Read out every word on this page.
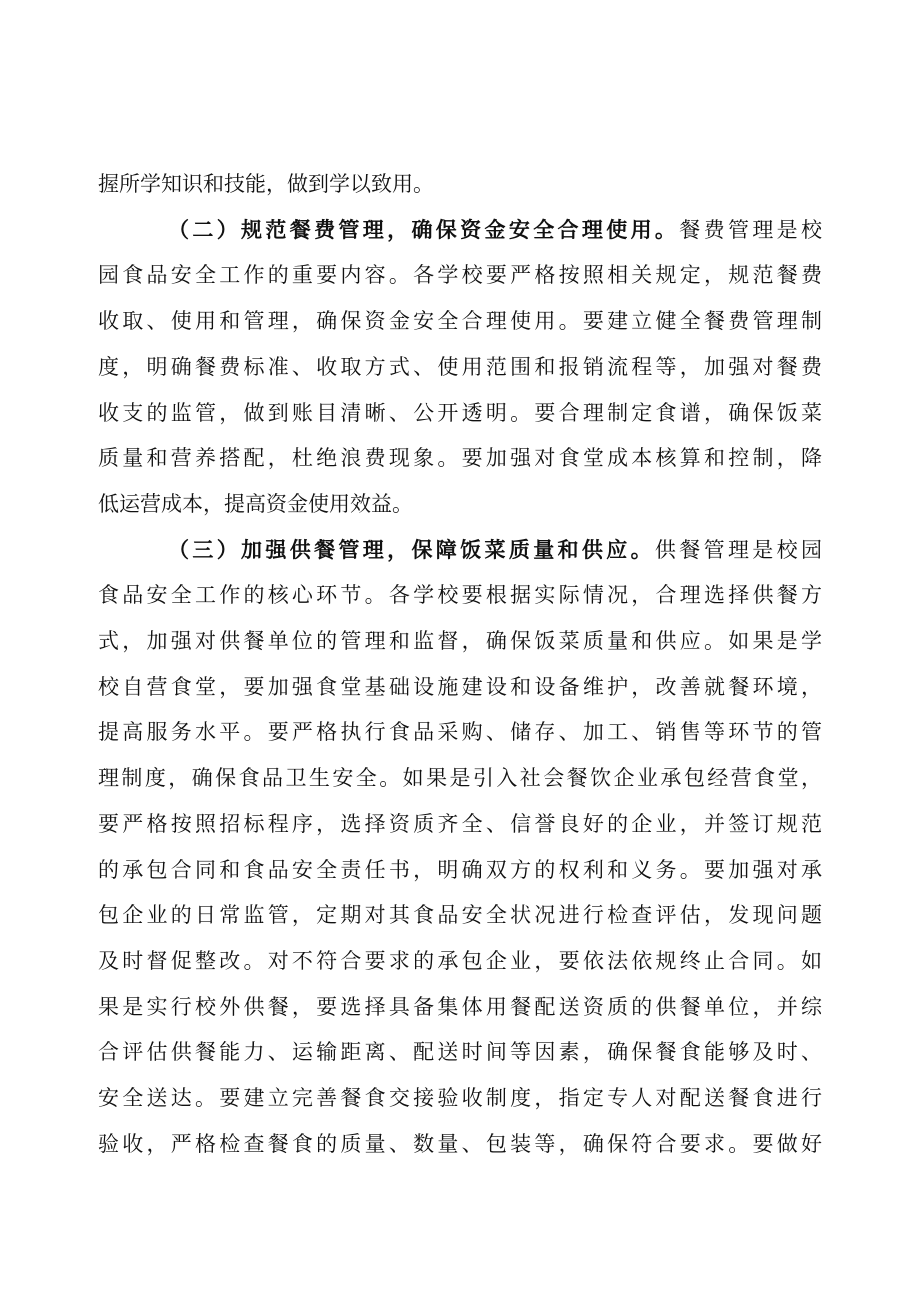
握所学知识和技能，做到学以致用。
（二）规范餐费管理，确保资金安全合理使用。餐费管理是校
园食品安全工作的重要内容。各学校要严格按照相关规定，规范餐费
收取、使用和管理，确保资金安全合理使用。要建立健全餐费管理制
度，明确餐费标准、收取方式、使用范围和报销流程等，加强对餐费
收支的监管，做到账目清晰、公开透明。要合理制定食谱，确保饭菜
质量和营养搭配，杜绝浪费现象。要加强对食堂成本核算和控制，降
低运营成本，提高资金使用效益。
（三）加强供餐管理，保障饭菜质量和供应。供餐管理是校园
食品安全工作的核心环节。各学校要根据实际情况，合理选择供餐方
式，加强对供餐单位的管理和监督，确保饭菜质量和供应。如果是学
校自营食堂，要加强食堂基础设施建设和设备维护，改善就餐环境，
提高服务水平。要严格执行食品采购、储存、加工、销售等环节的管
理制度，确保食品卫生安全。如果是引入社会餐饮企业承包经营食堂，
要严格按照招标程序，选择资质齐全、信誉良好的企业，并签订规范
的承包合同和食品安全责任书，明确双方的权利和义务。要加强对承
包企业的日常监管，定期对其食品安全状况进行检查评估，发现问题
及时督促整改。对不符合要求的承包企业，要依法依规终止合同。如
果是实行校外供餐，要选择具备集体用餐配送资质的供餐单位，并综
合评估供餐能力、运输距离、配送时间等因素，确保餐食能够及时、
安全送达。要建立完善餐食交接验收制度，指定专人对配送餐食进行
验收，严格检查餐食的质量、数量、包装等，确保符合要求。要做好
